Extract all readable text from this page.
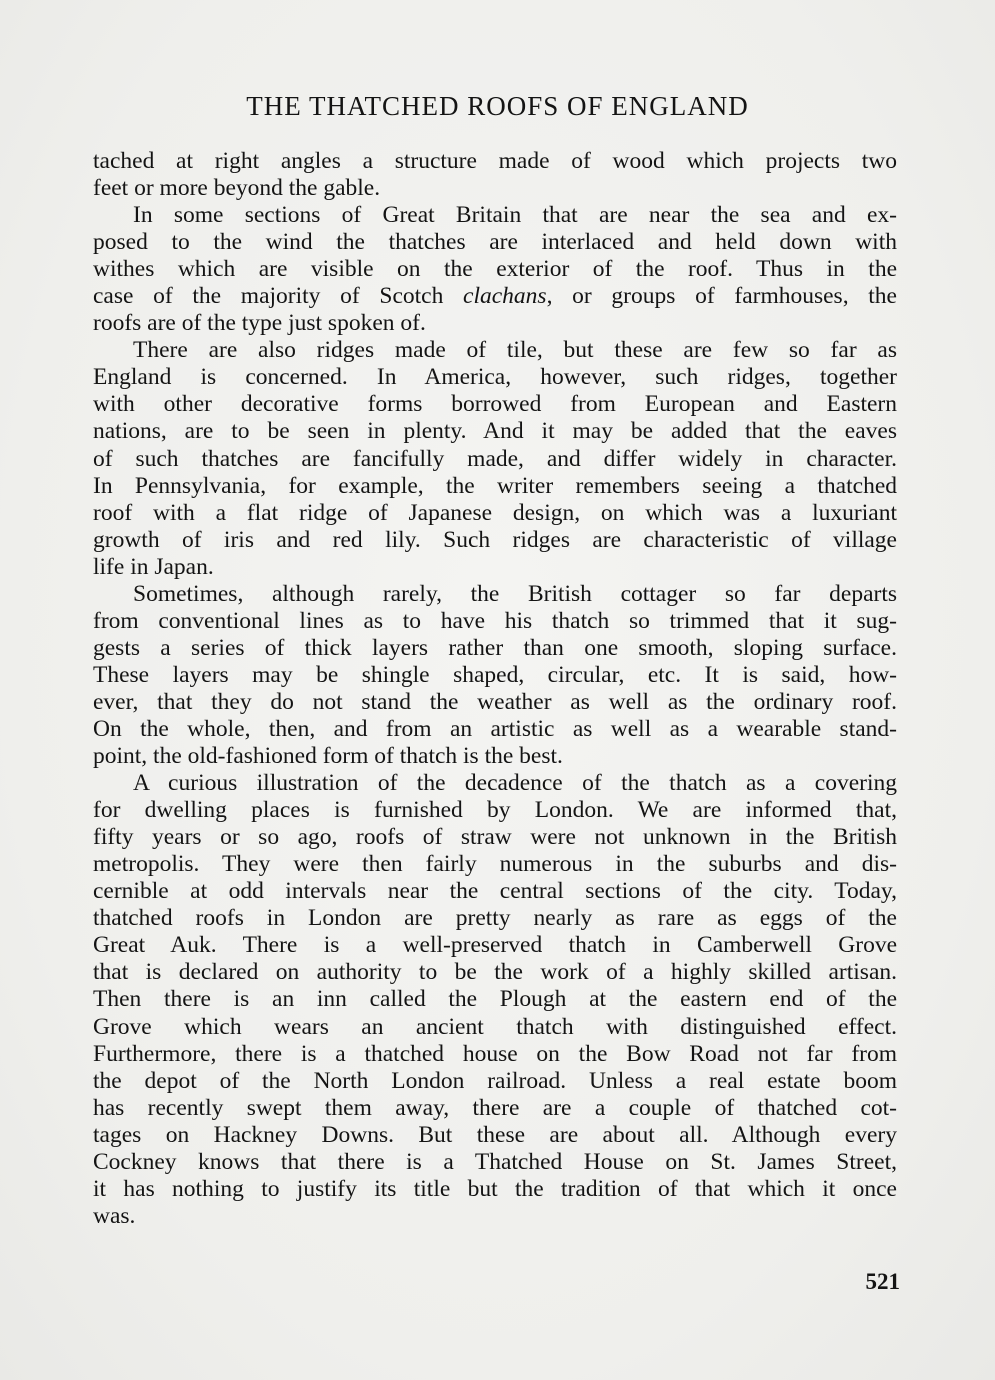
THE THATCHED ROOFS OF ENGLAND
tached at right angles a structure made of wood which projects two
feet or more beyond the gable.
In some sections of Great Britain that are near the sea and ex-
posed to the wind the thatches are interlaced and held down with
withes which are visible on the exterior of the roof. Thus in the
case of the majority of Scotch clachans, or groups of farmhouses, the
roofs are of the type just spoken of.
There are also ridges made of tile, but these are few so far as
England is concerned. In America, however, such ridges, together
with other decorative forms borrowed from European and Eastern
nations, are to be seen in plenty. And it may be added that the eaves
of such thatches are fancifully made, and differ widely in character.
In Pennsylvania, for example, the writer remembers seeing a thatched
roof with a flat ridge of Japanese design, on which was a luxuriant
growth of iris and red lily. Such ridges are characteristic of village
life in Japan.
Sometimes, although rarely, the British cottager so far departs
from conventional lines as to have his thatch so trimmed that it sug-
gests a series of thick layers rather than one smooth, sloping surface.
These layers may be shingle shaped, circular, etc. It is said, how-
ever, that they do not stand the weather as well as the ordinary roof.
On the whole, then, and from an artistic as well as a wearable stand-
point, the old-fashioned form of thatch is the best.
A curious illustration of the decadence of the thatch as a covering
for dwelling places is furnished by London. We are informed that,
fifty years or so ago, roofs of straw were not unknown in the British
metropolis. They were then fairly numerous in the suburbs and dis-
cernible at odd intervals near the central sections of the city. Today,
thatched roofs in London are pretty nearly as rare as eggs of the
Great Auk. There is a well-preserved thatch in Camberwell Grove
that is declared on authority to be the work of a highly skilled artisan.
Then there is an inn called the Plough at the eastern end of the
Grove which wears an ancient thatch with distinguished effect.
Furthermore, there is a thatched house on the Bow Road not far from
the depot of the North London railroad. Unless a real estate boom
has recently swept them away, there are a couple of thatched cot-
tages on Hackney Downs. But these are about all. Although every
Cockney knows that there is a Thatched House on St. James Street,
it has nothing to justify its title but the tradition of that which it once
was.
521
